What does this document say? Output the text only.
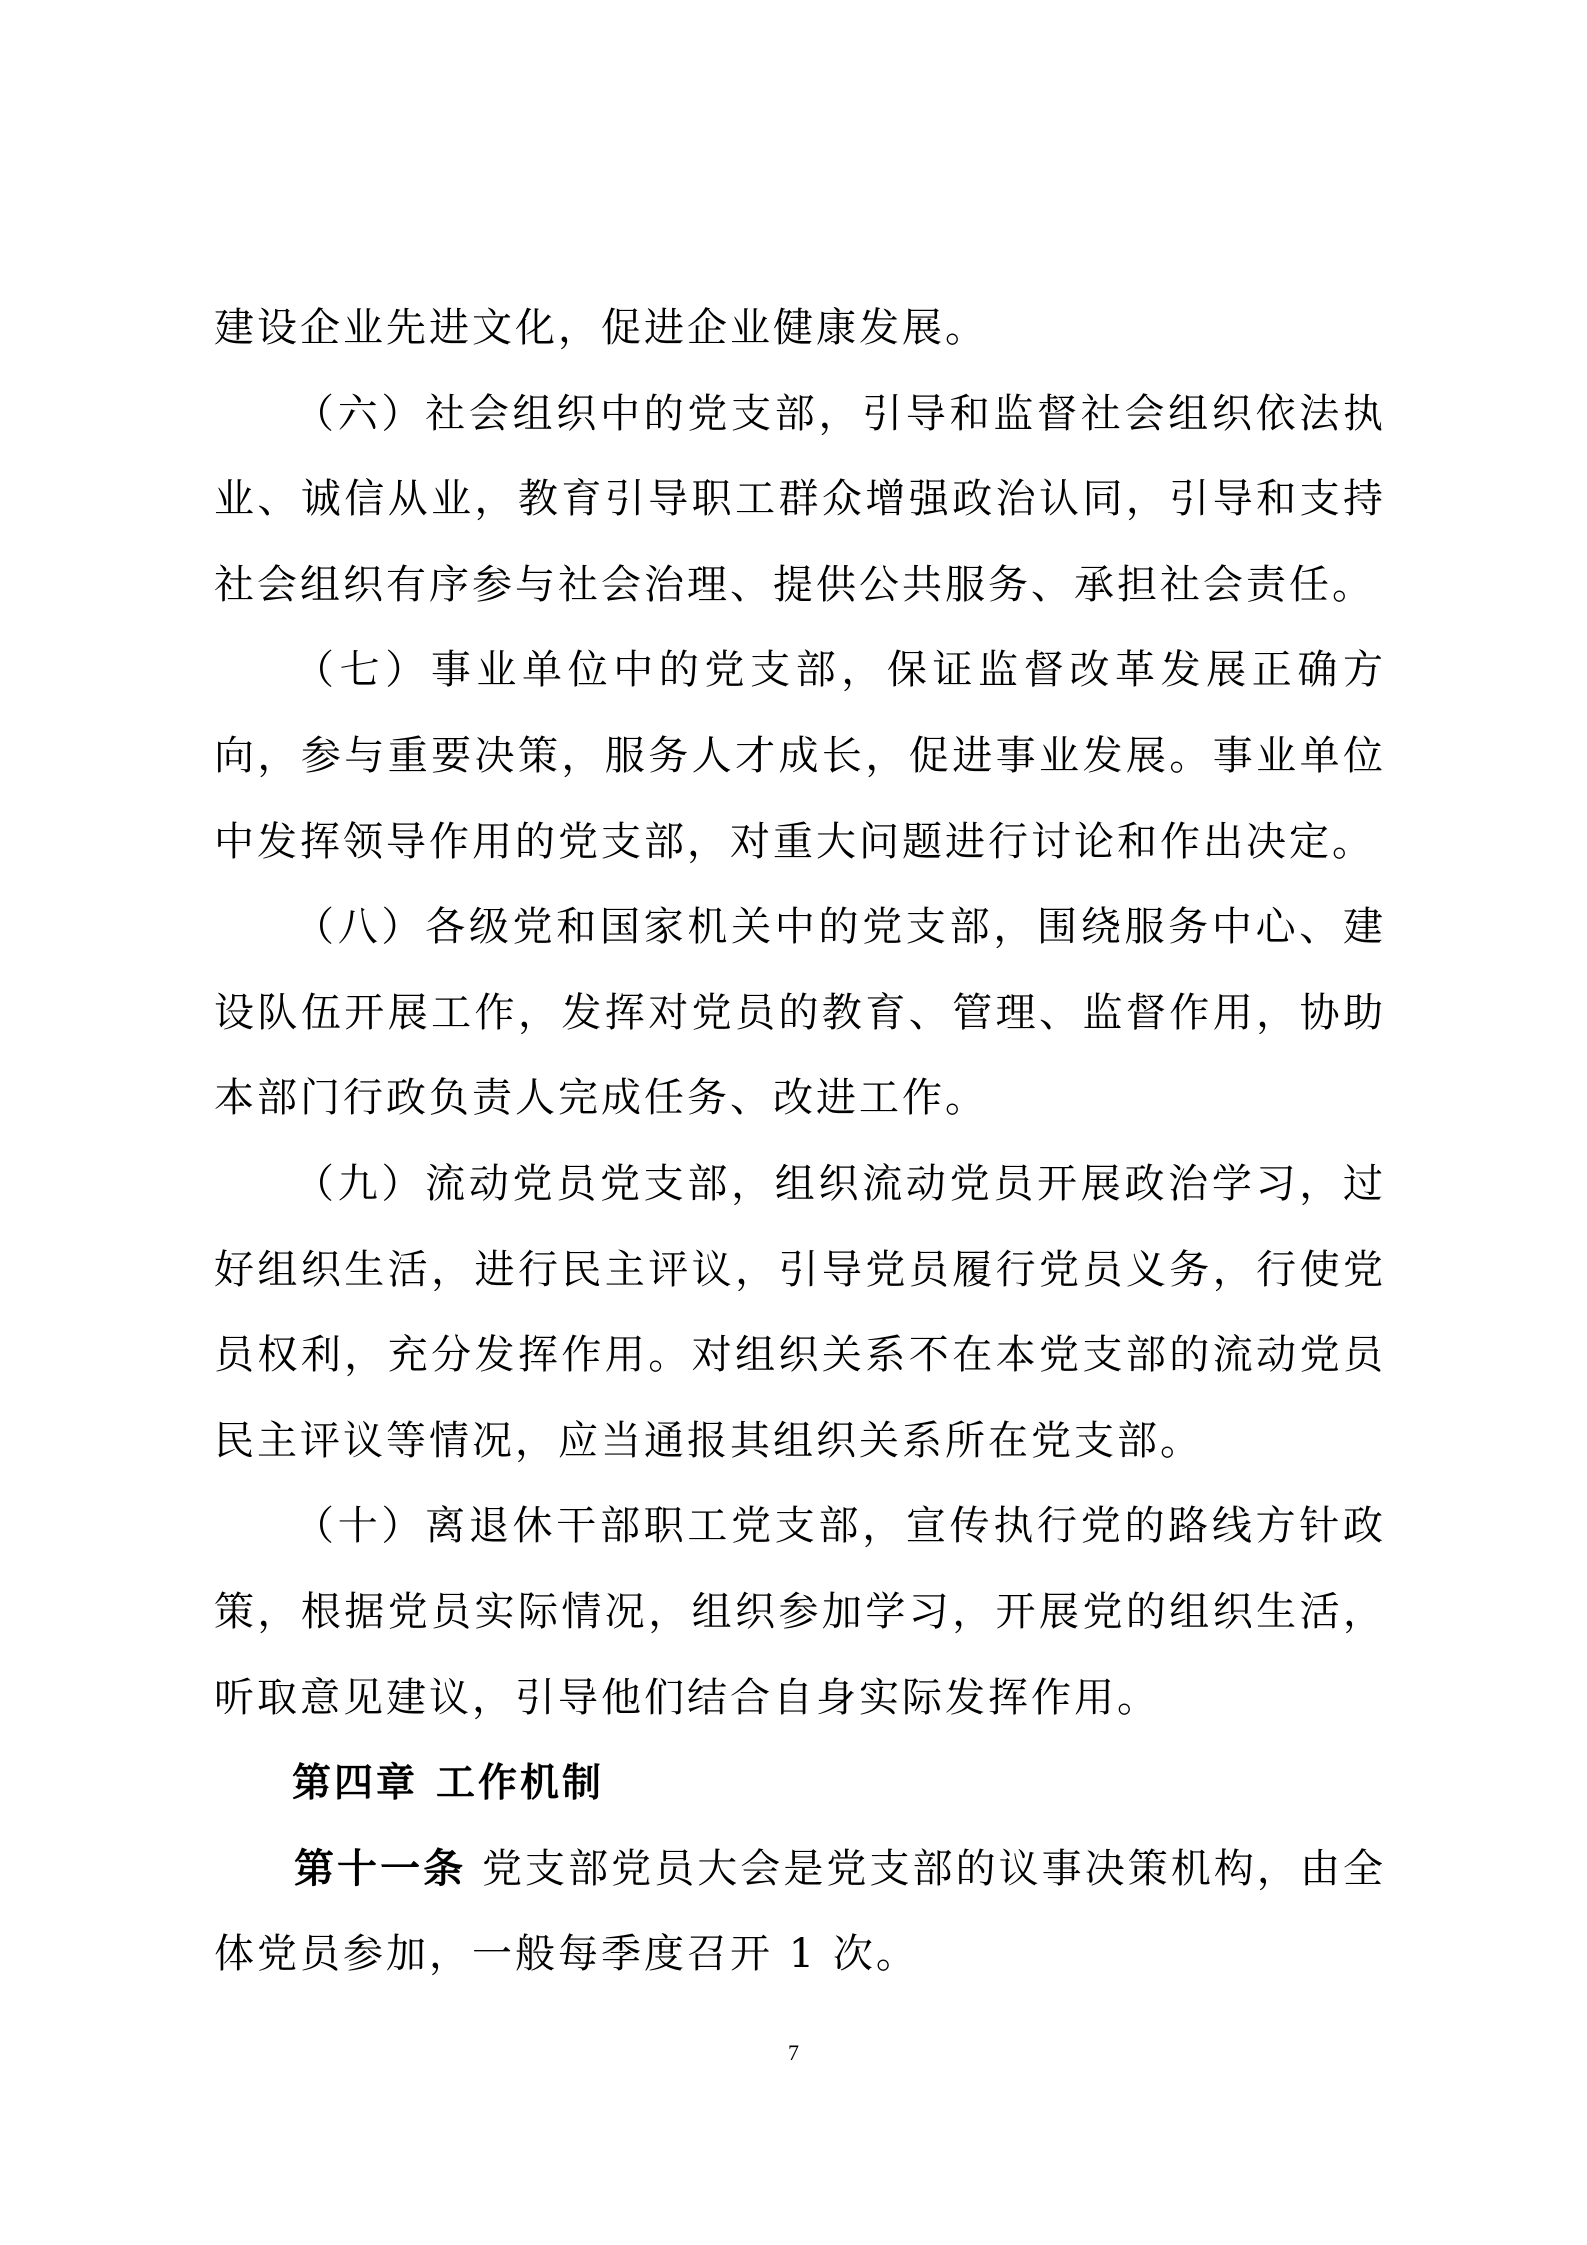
建设企业先进文化，促进企业健康发展。

（六）社会组织中的党支部，引导和监督社会组织依法执业、诚信从业，教育引导职工群众增强政治认同，引导和支持社会组织有序参与社会治理、提供公共服务、承担社会责任。

（七）事业单位中的党支部，保证监督改革发展正确方向，参与重要决策，服务人才成长，促进事业发展。事业单位中发挥领导作用的党支部，对重大问题进行讨论和作出决定。

（八）各级党和国家机关中的党支部，围绕服务中心、建设队伍开展工作，发挥对党员的教育、管理、监督作用，协助本部门行政负责人完成任务、改进工作。

（九）流动党员党支部，组织流动党员开展政治学习，过好组织生活，进行民主评议，引导党员履行党员义务，行使党员权利，充分发挥作用。对组织关系不在本党支部的流动党员民主评议等情况，应当通报其组织关系所在党支部。

（十）离退休干部职工党支部，宣传执行党的路线方针政策，根据党员实际情况，组织参加学习，开展党的组织生活，听取意见建议，引导他们结合自身实际发挥作用。

第四章 工作机制

第十一条 党支部党员大会是党支部的议事决策机构，由全体党员参加，一般每季度召开 1 次。

7
